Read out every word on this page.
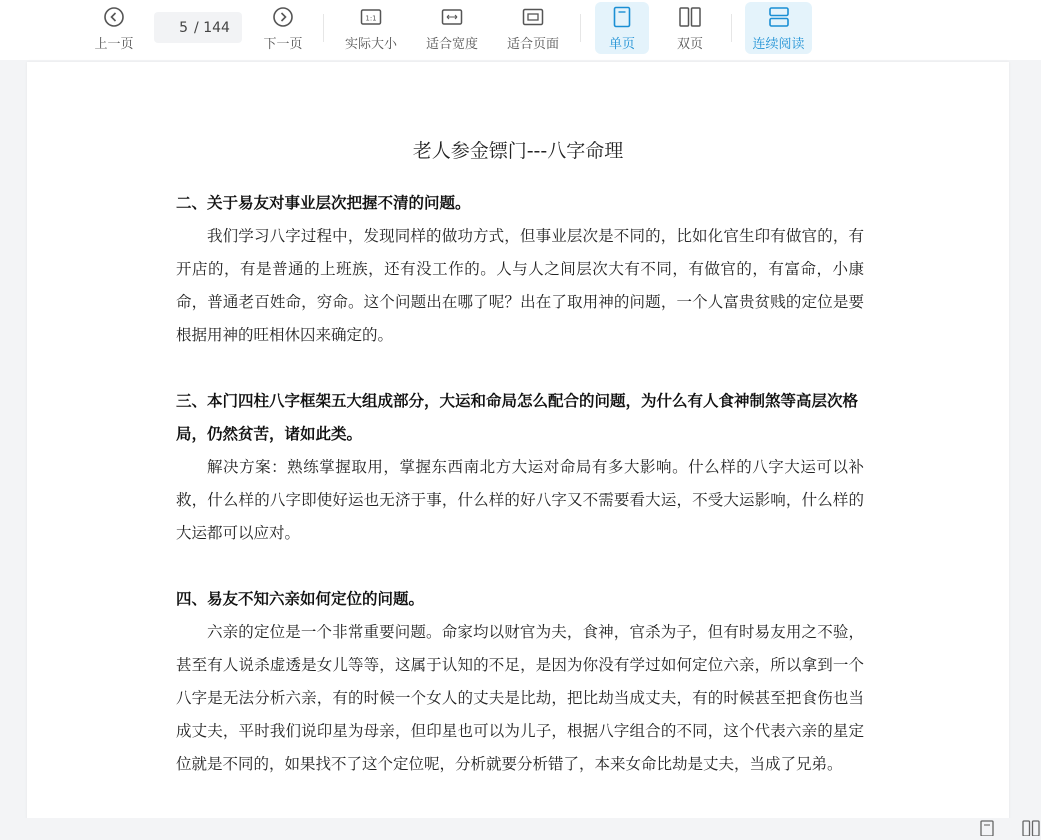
上一页
5
/ 144
下一页
1:1
实际大小 适合宽度 适合页面	单页	双页	连续阅读
老人参金镖门---八字命理
二、关于易友对事业层次把握不清的问题。
我们学习八字过程中，发现同样的做功方式，但事业层次是不同的，比如化官生印有做官的，有开店的，有是普通的上班族，还有没工作的。人与人之间层次大有不同，有做官的，有富命，小康命，普通老百姓命，穷命。这个问题出在哪了呢？出在了取用神的问题，一个人富贵贫贱的定位是要根据用神的旺相休囚来确定的。
三、本门四柱八字框架五大组成部分，大运和命局怎么配合的问题，为什么有人食神制煞等高层次格局，仍然贫苦，诸如此类。
解决方案：熟练掌握取用，掌握东西南北方大运对命局有多大影响。什么样的八字大运可以补救，什么样的八字即使好运也无济于事，什么样的好八字又不需要看大运，不受大运影响，什么样的大运都可以应对。
四、易友不知六亲如何定位的问题。
六亲的定位是一个非常重要问题。命家均以财官为夫，食神，官杀为子，但有时易友用之不验，甚至有人说杀虚透是女儿等等，这属于认知的不足，是因为你没有学过如何定位六亲，所以拿到一个八字是无法分析六亲，有的时候一个女人的丈夫是比劫，把比劫当成丈夫，有的时候甚至把食伤也当成丈夫，平时我们说印星为母亲，但印星也可以为儿子，根据八字组合的不同，这个代表六亲的星定位就是不同的，如果找不了这个定位呢，分析就要分析错了，本来女命比劫是丈夫，当成了兄弟。
